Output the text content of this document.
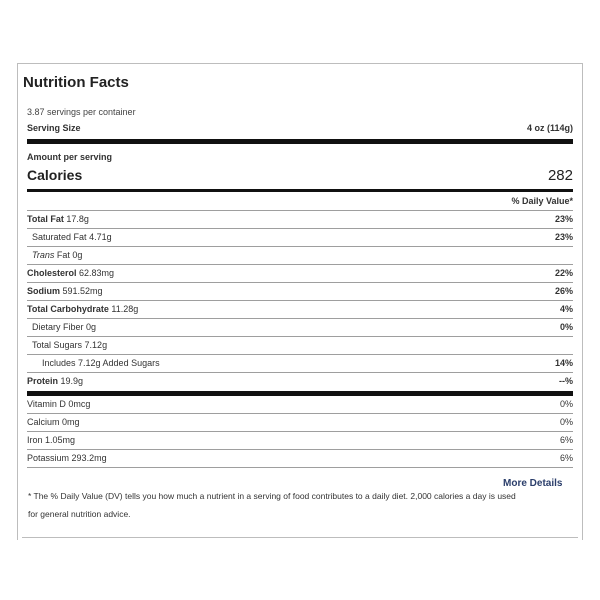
Nutrition Facts
3.87 servings per container
Serving Size	4 oz (114g)
Amount per serving
Calories	282
% Daily Value*
Total Fat 17.8g	23%
Saturated Fat 4.71g	23%
Trans Fat 0g
Cholesterol 62.83mg	22%
Sodium 591.52mg	26%
Total Carbohydrate 11.28g	4%
Dietary Fiber 0g	0%
Total Sugars 7.12g
Includes 7.12g Added Sugars	14%
Protein 19.9g	--%
Vitamin D 0mcg	0%
Calcium 0mg	0%
Iron 1.05mg	6%
Potassium 293.2mg	6%
More Details
* The % Daily Value (DV) tells you how much a nutrient in a serving of food contributes to a daily diet. 2,000 calories a day is used for general nutrition advice.
